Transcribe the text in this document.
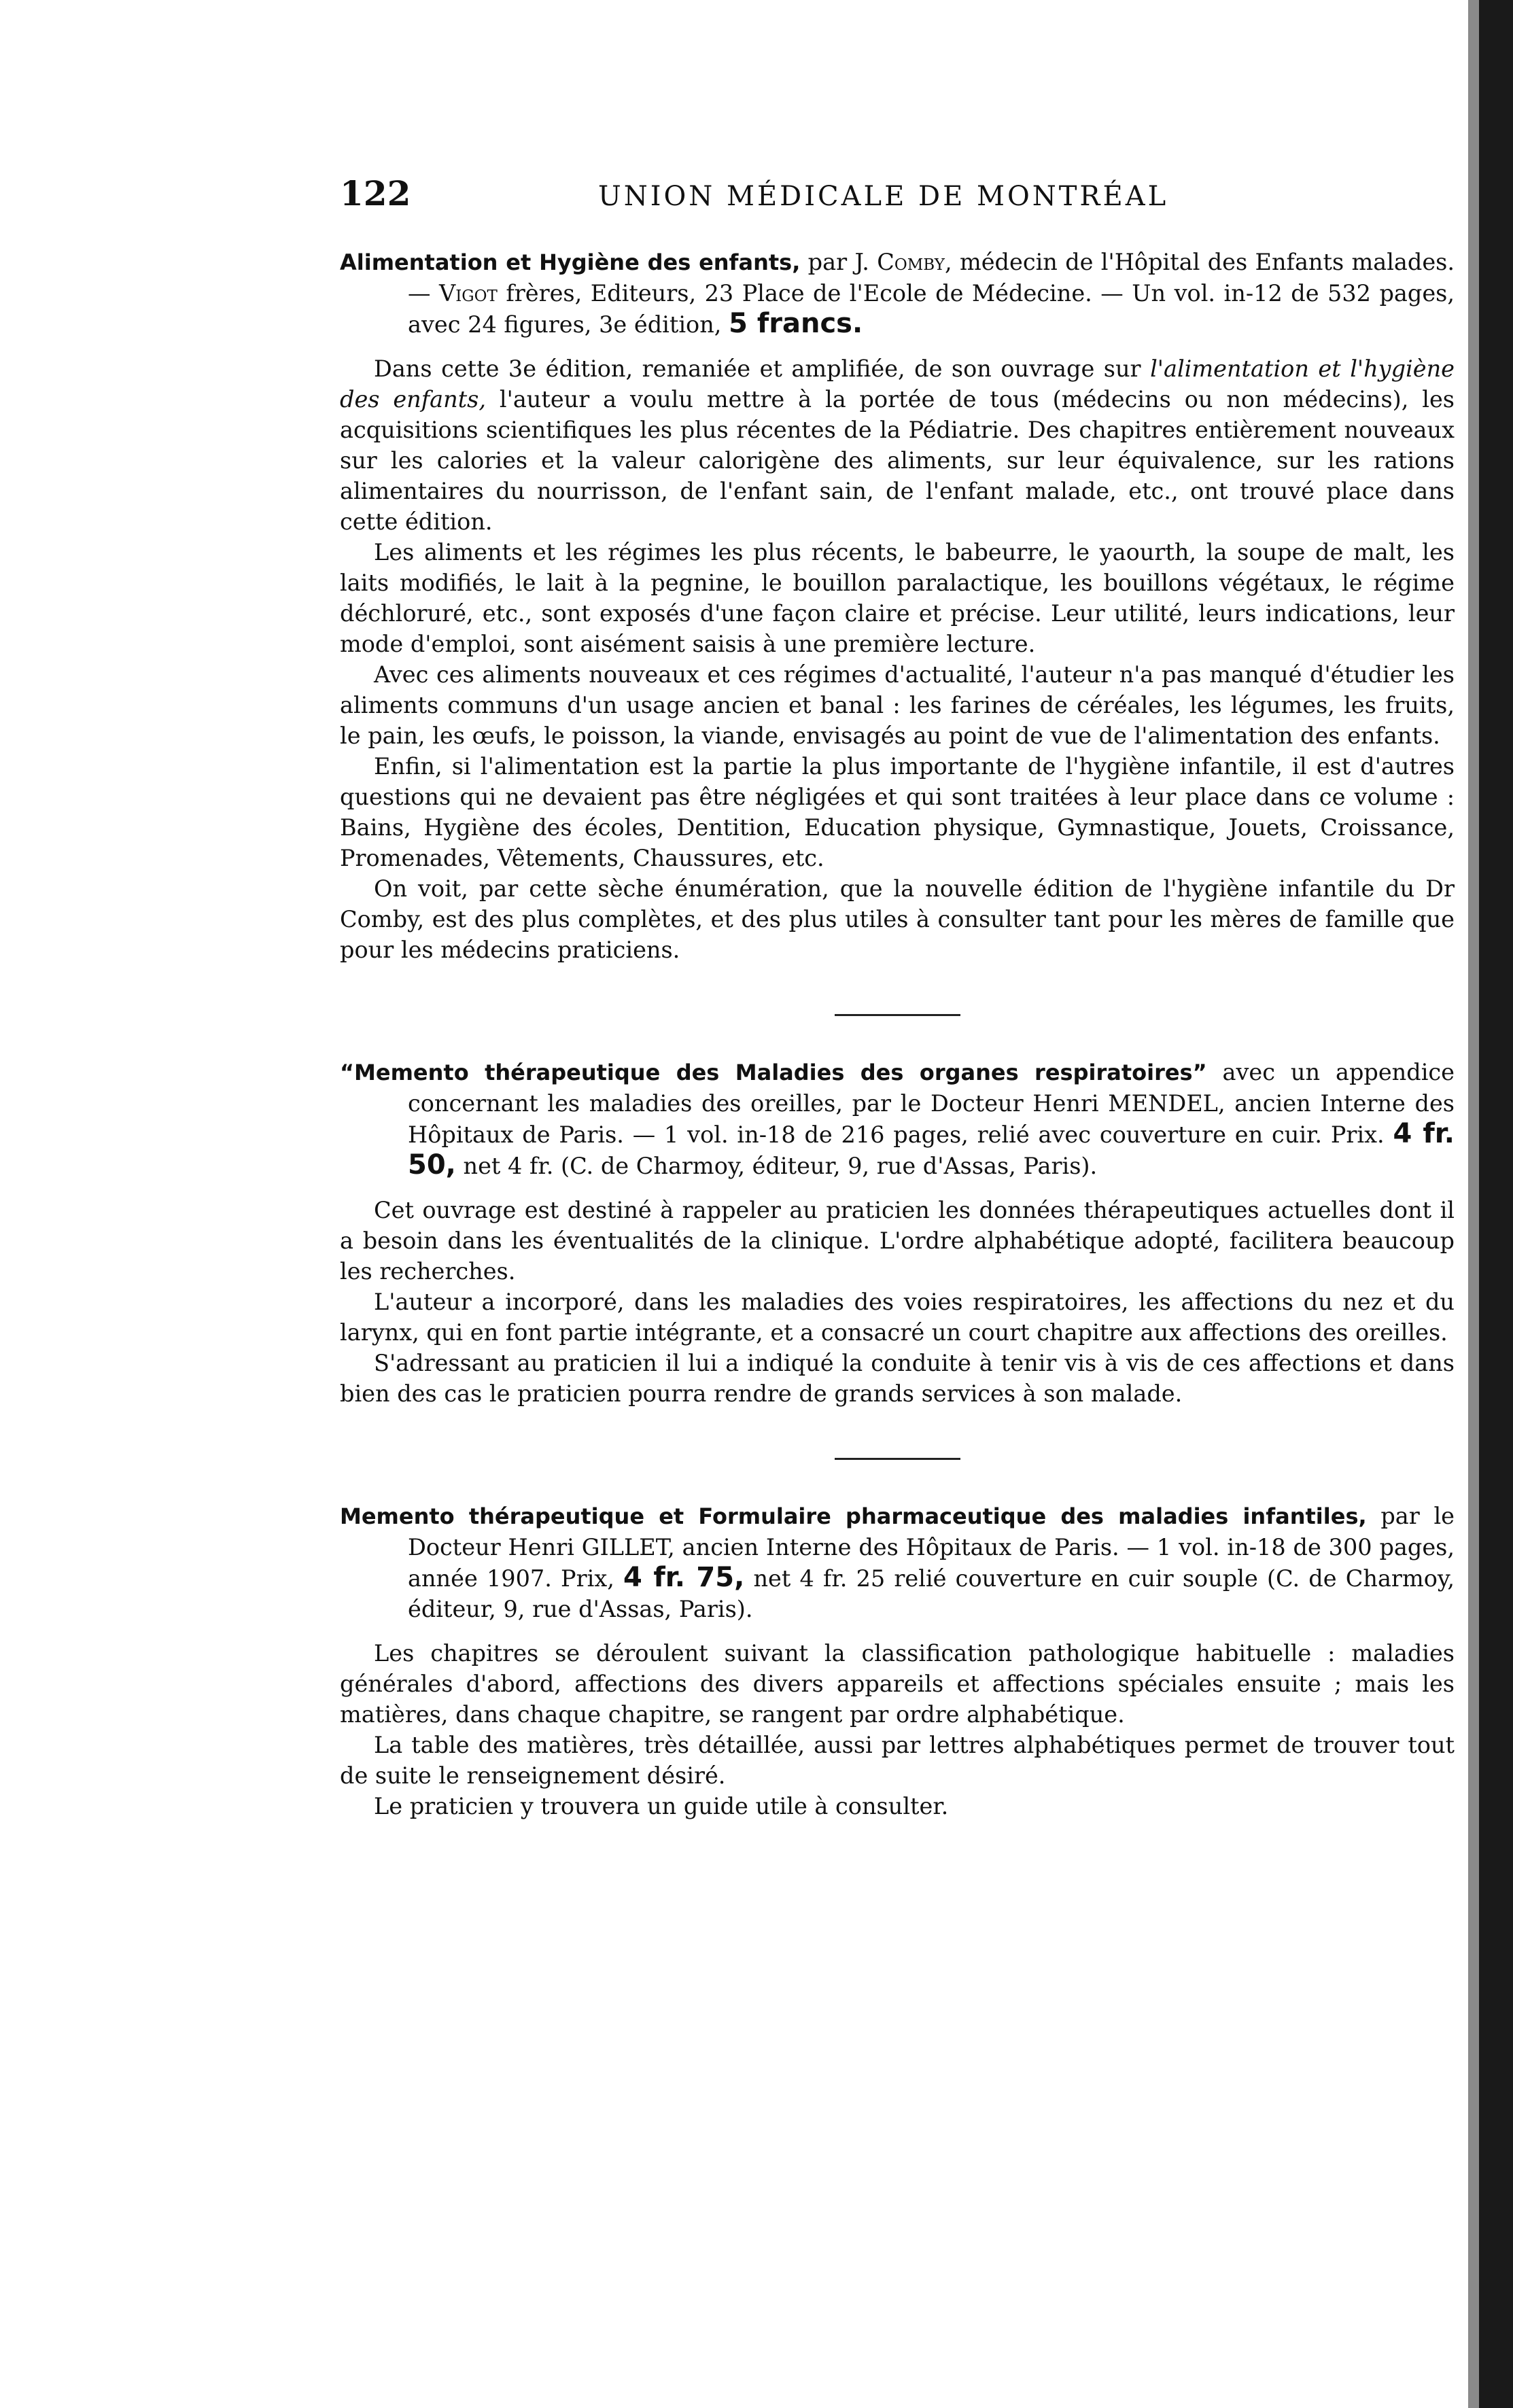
122	UNION MÉDICALE DE MONTRÉAL

Alimentation et Hygiène des enfants, par J. Comby, médecin de l'Hôpital des Enfants malades. — Vigot frères, Editeurs, 23 Place de l'Ecole de Médecine. — Un vol. in-12 de 532 pages, avec 24 figures, 3e édition, 5 francs.

Dans cette 3e édition, remaniée et amplifiée, de son ouvrage sur l'alimentation et l'hygiène des enfants, l'auteur a voulu mettre à la portée de tous (médecins ou non médecins), les acquisitions scientifiques les plus récentes de la Pédiatrie. Des chapitres entièrement nouveaux sur les calories et la valeur calorigène des aliments, sur leur équivalence, sur les rations alimentaires du nourrisson, de l'enfant sain, de l'enfant malade, etc., ont trouvé place dans cette édition.

Les aliments et les régimes les plus récents, le babeurre, le yaourth, la soupe de malt, les laits modifiés, le lait à la pegnine, le bouillon paralactique, les bouillons végétaux, le régime déchloruré, etc., sont exposés d'une façon claire et précise. Leur utilité, leurs indications, leur mode d'emploi, sont aisément saisis à une première lecture.

Avec ces aliments nouveaux et ces régimes d'actualité, l'auteur n'a pas manqué d'étudier les aliments communs d'un usage ancien et banal : les farines de céréales, les légumes, les fruits, le pain, les œufs, le poisson, la viande, envisagés au point de vue de l'alimentation des enfants.

Enfin, si l'alimentation est la partie la plus importante de l'hygiène infantile, il est d'autres questions qui ne devaient pas être négligées et qui sont traitées à leur place dans ce volume : Bains, Hygiène des écoles, Dentition, Education physique, Gymnastique, Jouets, Croissance, Promenades, Vêtements, Chaussures, etc.

On voit, par cette sèche énumération, que la nouvelle édition de l'hygiène infantile du Dr Comby, est des plus complètes, et des plus utiles à consulter tant pour les mères de famille que pour les médecins praticiens.

“Memento thérapeutique des Maladies des organes respiratoires” avec un appendice concernant les maladies des oreilles, par le Docteur Henri MENDEL, ancien Interne des Hôpitaux de Paris. — 1 vol. in-18 de 216 pages, relié avec couverture en cuir. Prix. 4 fr. 50, net 4 fr. (C. de Charmoy, éditeur, 9, rue d'Assas, Paris).

Cet ouvrage est destiné à rappeler au praticien les données thérapeutiques actuelles dont il a besoin dans les éventualités de la clinique. L'ordre alphabétique adopté, facilitera beaucoup les recherches.

L'auteur a incorporé, dans les maladies des voies respiratoires, les affections du nez et du larynx, qui en font partie intégrante, et a consacré un court chapitre aux affections des oreilles.

S'adressant au praticien il lui a indiqué la conduite à tenir vis à vis de ces affections et dans bien des cas le praticien pourra rendre de grands services à son malade.

Memento thérapeutique et Formulaire pharmaceutique des maladies infantiles, par le Docteur Henri GILLET, ancien Interne des Hôpitaux de Paris. — 1 vol. in-18 de 300 pages, année 1907. Prix, 4 fr. 75, net 4 fr. 25 relié couverture en cuir souple (C. de Charmoy, éditeur, 9, rue d'Assas, Paris).

Les chapitres se déroulent suivant la classification pathologique habituelle : maladies générales d'abord, affections des divers appareils et affections spéciales ensuite ; mais les matières, dans chaque chapitre, se rangent par ordre alphabétique.

La table des matières, très détaillée, aussi par lettres alphabétiques permet de trouver tout de suite le renseignement désiré.

Le praticien y trouvera un guide utile à consulter.
